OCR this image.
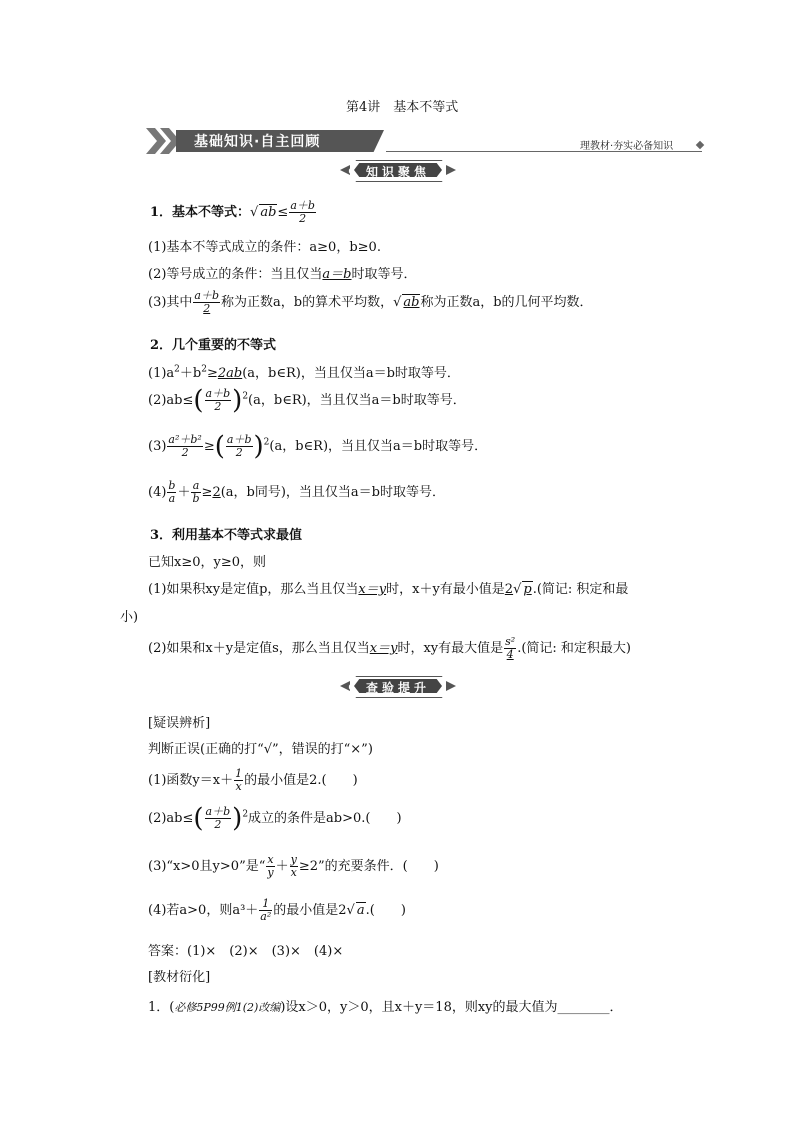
第4讲　基本不等式
基础知识·自主回顾	理教材·夯实必备知识
知识聚焦
1．基本不等式：√ $ab\le \frac{a+b}{2}$
(1)基本不等式成立的条件：a≥0，b≥0.
(2)等号成立的条件：当且仅当a＝b时取等号．
(3)其中 $\frac{a+b}{2}$ 称为正数a，b的算术平均数，√ ab称为正数a，b的几何平均数．
2．几个重要的不等式
$(1)a^2+b^2\ge 2ab(a$，b∈R)，当且仅当a＝b时取等号．
$(2)ab\le( \frac{a+b}{2} )^2(a$，b∈R)，当且仅当a＝b时取等号．
$(3) \frac{\text{a²＋b²}}{2}$ ≥( $\frac{a+b}{2} )^2(a$，b∈R)，当且仅当a＝b时取等号．
$(4) \frac{b}{a} + \frac{a}{b} \ge 2(a$，b同号)，当且仅当a＝b时取等号．
3．利用基本不等式求最值
已知x≥0，y≥0，则
(1)如果积xy是定值p，那么当且仅当x＝y时，x＋y有最小值是2√ p.(简记: 积定和最
小)
(2)如果和x＋y是定值s，那么当且仅当x＝y时，xy有最大值是 $\frac{\text{s²}}{4}$ .(简记: 和定积最大)
查验提升
[疑误辨析]
判断正误(正确的打“√”，错误的打“×”)
(1)函数$y=x+ \frac{1}{x}$ 的最小值是2.(　　)
$(2)ab\le( \frac{a+b}{2} )^2$成立的条件是ab>0.(　　)
(3)“x>0且y>0”是“ $\frac{x}{y} + \frac{y}{x} \ge 2$”的充要条件．(　　)
(4)若a>0，则$a^3+ \frac{1}{\text{a²}}$ 的最小值是2√ a.(　　)
答案：(1)×　(2)×　(3)×　(4)×
[教材衍化]
1．(必修5P99例1(2)改编)设x＞0，y＞0，且x＋y＝18，则xy的最大值为________．
